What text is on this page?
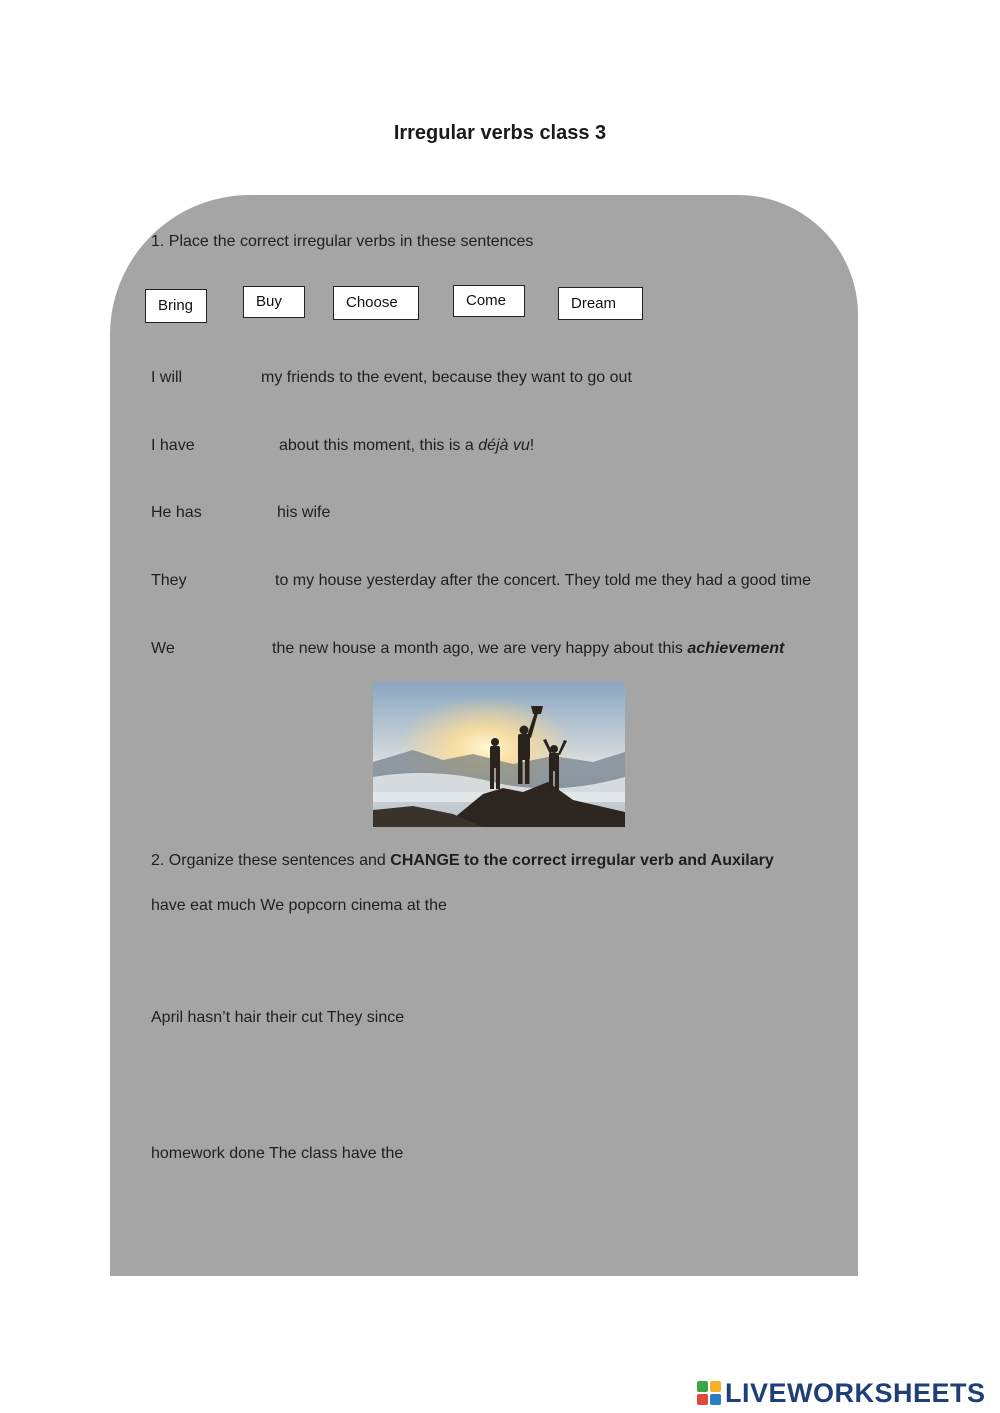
Irregular verbs class 3
1. Place the correct irregular verbs in these sentences
Bring	Buy	Choose	Come	Dream
I will	my friends to the event, because they want to go out
I have	about this moment, this is a déjà vu!
He has	his wife
They	to my house yesterday after the concert. They told me they had a good time
We	the new house a month ago, we are very happy about this achievement
2. Organize these sentences and CHANGE to the correct irregular verb and Auxilary
have eat much We popcorn cinema at the
April hasn’t hair their cut They since
homework done The class have the
LIVEWORKSHEETS
